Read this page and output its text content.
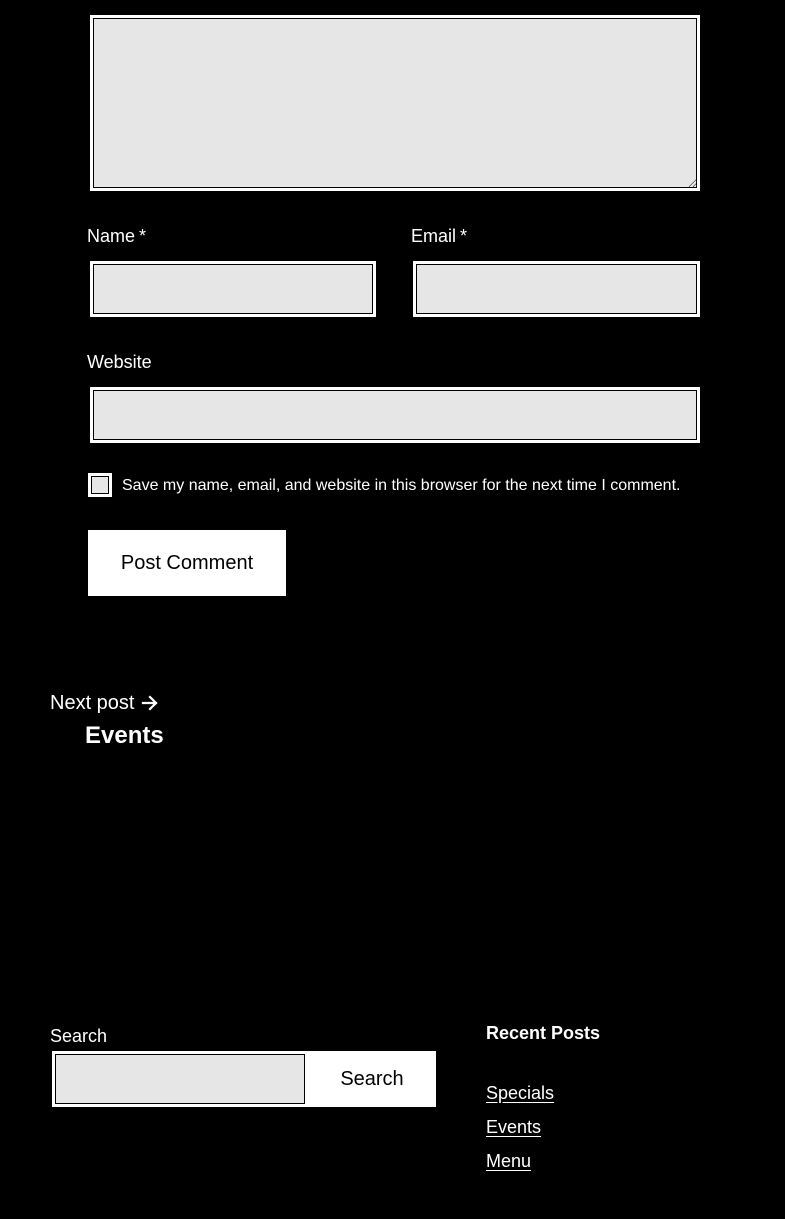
Name *	Email *
Website
Save my name, email, and website in this browser for the next time I comment.
Post Comment
Next post
Events
Search
Search
Recent Posts
Specials
Events
Menu
